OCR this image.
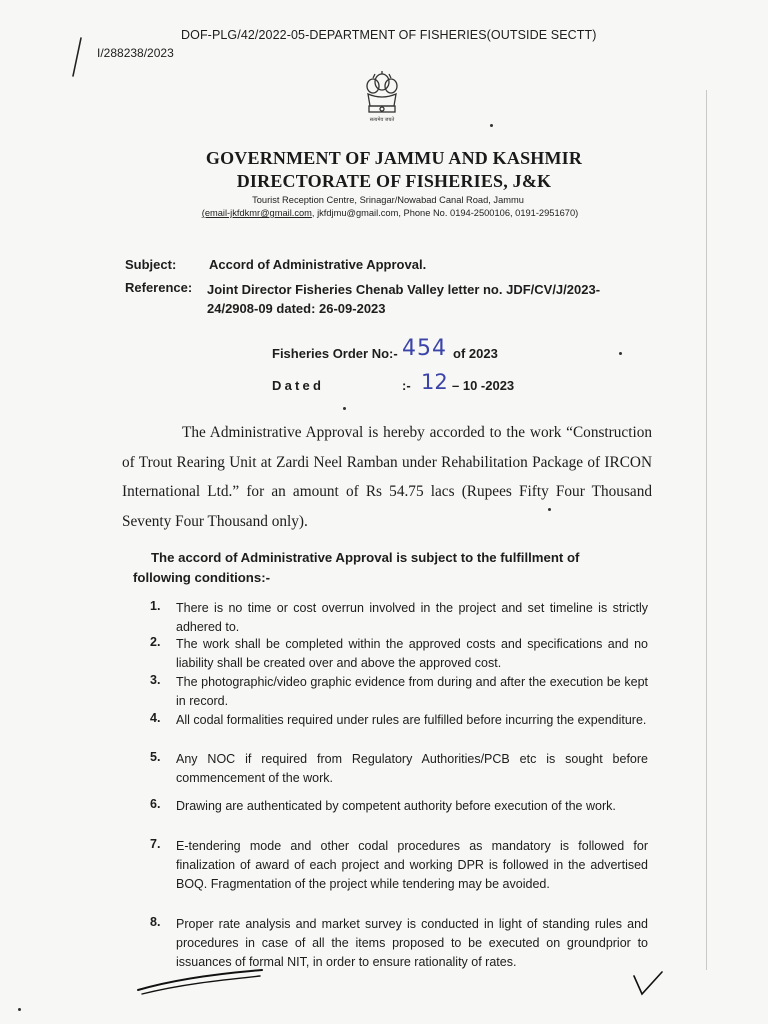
DOF-PLG/42/2022-05-DEPARTMENT OF FISHERIES(OUTSIDE SECTT)
I/288238/2023
सत्यमेव जयते
GOVERNMENT OF JAMMU AND KASHMIR
DIRECTORATE OF FISHERIES, J&K
Tourist Reception Centre, Srinagar/Nowabad Canal Road, Jammu
(email-jkfdkmr@gmail.com, jkfdjmu@gmail.com, Phone No. 0194-2500106, 0191-2951670)
Subject:	Accord of Administrative Approval.
Reference: Joint Director Fisheries Chenab Valley letter no. JDF/CV/J/2023-
24/2908-09 dated: 26-09-2023
Fisheries Order No:- 454 of 2023
Dated	:- 12 – 10 -2023
The Administrative Approval is hereby accorded to the work “Construction of Trout Rearing Unit at Zardi Neel Ramban under Rehabilitation Package of IRCON International Ltd.” for an amount of Rs 54.75 lacs (Rupees Fifty Four Thousand Seventy Four Thousand only).
The accord of Administrative Approval is subject to the fulfillment of
following conditions:-
1. There is no time or cost overrun involved in the project and set timeline is strictly adhered to.
2. The work shall be completed within the approved costs and specifications and no liability shall be created over and above the approved cost.
3. The photographic/video graphic evidence from during and after the execution be kept in record.
4. All codal formalities required under rules are fulfilled before incurring the expenditure.
5. Any NOC if required from Regulatory Authorities/PCB etc is sought before commencement of the work.
6. Drawing are authenticated by competent authority before execution of the work.
7. E-tendering mode and other codal procedures as mandatory is followed for finalization of award of each project and working DPR is followed in the advertised BOQ. Fragmentation of the project while tendering may be avoided.
8. Proper rate analysis and market survey is conducted in light of standing rules and procedures in case of all the items proposed to be executed on groundprior to issuances of formal NIT, in order to ensure rationality of rates.
